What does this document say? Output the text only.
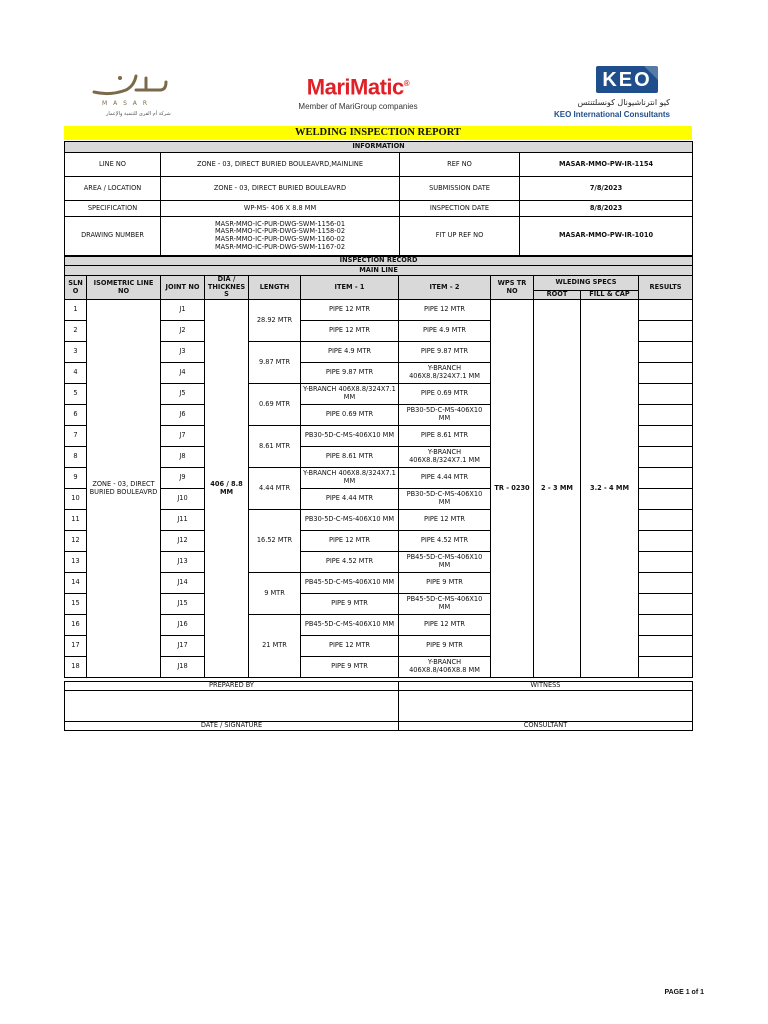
M A S A R
شركة أم القرى للتنمية والإعمار
MariMatic®
Member of MariGroup companies
KEO
كيو انترناشيونال كونسلتنتس
KEO International Consultants
WELDING INSPECTION REPORT
INFORMATION			
LINE NO	ZONE - 03, DIRECT BURIED BOULEAVRD,MAINLINE	REF NO	MASAR-MMO-PW-IR-1154
AREA / LOCATION	ZONE - 03, DIRECT BURIED BOULEAVRD	SUBMISSION DATE	7/8/2023
SPECIFICATION	WP-MS- 406 X 8.8 MM	INSPECTION DATE	8/8/2023
DRAWING NUMBER	MASR-MMO-IC-PUR-DWG-SWM-1156-01
MASR-MMO-IC-PUR-DWG-SWM-1158-02
MASR-MMO-IC-PUR-DWG-SWM-1160-02
MASR-MMO-IC-PUR-DWG-SWM-1167-02	FIT UP REF NO	MASAR-MMO-PW-IR-1010
INSPECTION RECORD										
MAIN LINE										
SLNO	ISOMETRIC LINE NO	JOINT NO	DIA / THICKNESS	LENGTH	ITEM - 1	ITEM - 2	WPS TR NO	WLEDING SPECS		RESULTS
								ROOT	FILL & CAP	
1	ZONE - 03, DIRECT BURIED BOULEAVRD	J1	406 / 8.8 MM	28.92 MTR	PIPE 12 MTR	PIPE 12 MTR	TR - 0230	2 - 3 MM	3.2 - 4 MM	
2		J2			PIPE 12 MTR	PIPE 4.9 MTR				
3		J3		9.87 MTR	PIPE 4.9 MTR	PIPE 9.87 MTR				
4		J4			PIPE 9.87 MTR	Y-BRANCH 406X8.8/324X7.1 MM				
5		J5		0.69 MTR	Y-BRANCH 406X8.8/324X7.1 MM	PIPE 0.69 MTR				
6		J6			PIPE 0.69 MTR	PB30-5D-C-MS-406X10 MM				
7		J7		8.61 MTR	PB30-5D-C-MS-406X10 MM	PIPE 8.61 MTR				
8		J8			PIPE 8.61 MTR	Y-BRANCH 406X8.8/324X7.1 MM				
9		J9		4.44 MTR	Y-BRANCH 406X8.8/324X7.1 MM	PIPE 4.44 MTR				
10		J10			PIPE 4.44 MTR	PB30-5D-C-MS-406X10 MM				
11		J11		16.52 MTR	PB30-5D-C-MS-406X10 MM	PIPE 12 MTR				
12		J12			PIPE 12 MTR	PIPE 4.52 MTR				
13		J13			PIPE 4.52 MTR	PB45-5D-C-MS-406X10 MM				
14		J14		9 MTR	PB45-5D-C-MS-406X10 MM	PIPE 9 MTR				
15		J15			PIPE 9 MTR	PB45-5D-C-MS-406X10 MM				
16		J16		21 MTR	PB45-5D-C-MS-406X10 MM	PIPE 12 MTR				
17		J17			PIPE 12 MTR	PIPE 9 MTR				
18		J18			PIPE 9 MTR	Y-BRANCH 406X8.8/406X8.8 MM				
PREPARED BY	WITNESS

DATE / SIGNATURE	CONSULTANT
PAGE 1 of 1
